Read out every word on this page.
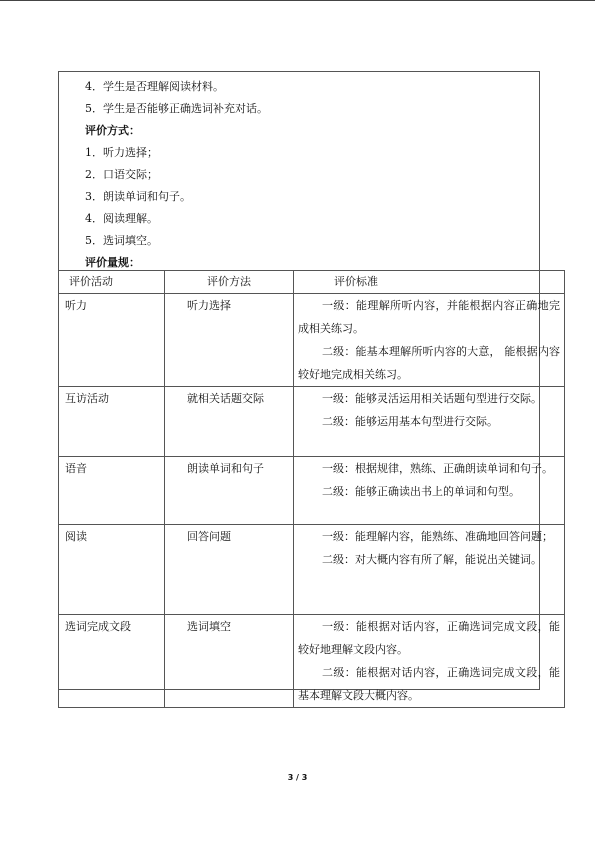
4．学生是否理解阅读材料。
5．学生是否能够正确选词补充对话。
评价方式：
1．听力选择；
2．口语交际；
3．朗读单词和句子。
4．阅读理解。
5．选词填空。
评价量规：
评价活动	评价方法	评价标准
听力	听力选择	一级：能理解所听内容，并能根据内容正确地完成相关练习。
二级：能基本理解所听内容的大意， 能根据内容较好地完成相关练习。

互访活动	就相关话题交际	一级：能够灵活运用相关话题句型进行交际。
二级：能够运用基本句型进行交际。

语音	朗读单词和句子	一级：根据规律，熟练、正确朗读单词和句子。
二级：能够正确读出书上的单词和句型。

阅读	回答问题	一级：能理解内容，能熟练、准确地回答问题；
二级：对大概内容有所了解，能说出关键词。

选词完成文段	选词填空	一级：能根据对话内容，正确选词完成文段，能较好地理解文段内容。
二级：能根据对话内容，正确选词完成文段，能基本理解文段大概内容。
3 / 3
